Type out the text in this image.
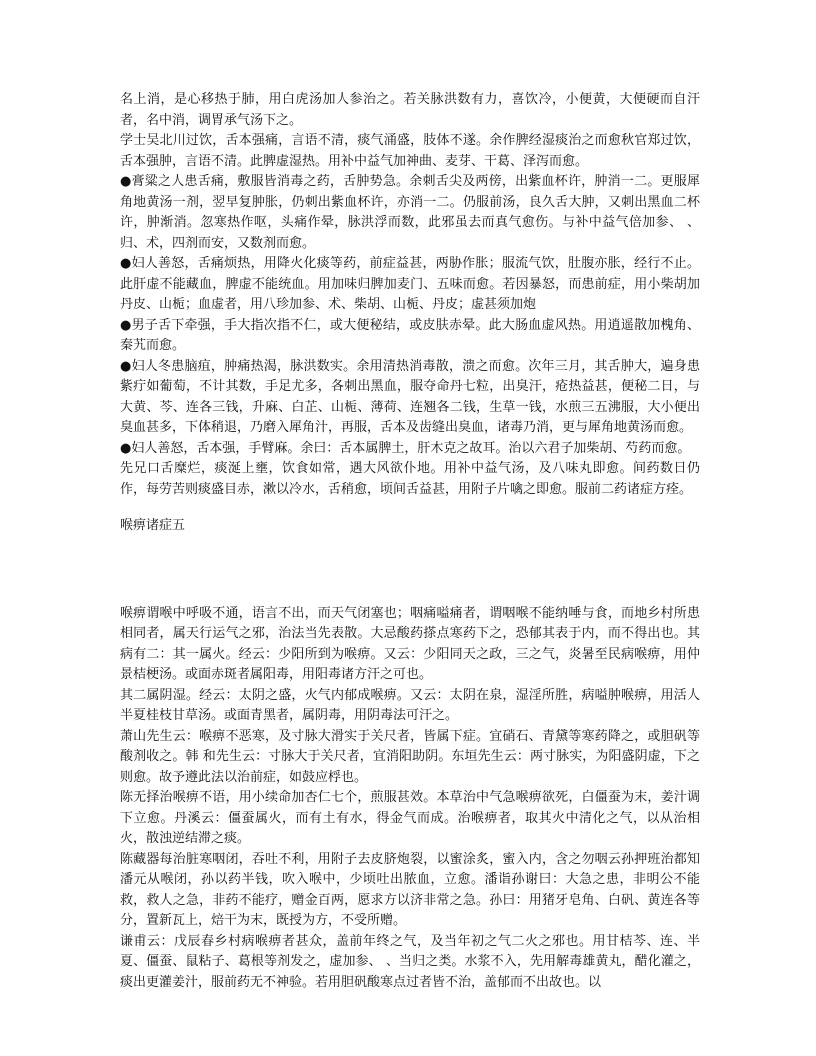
名上消，是心移热于肺，用白虎汤加人参治之。若关脉洪数有力，喜饮冷，小便黄，大便硬而自汗者，名中消，调胃承气汤下之。

学士吴北川过饮，舌本强痛，言语不清，痰气涌盛，肢体不遂。余作脾经湿痰治之而愈秋官郑过饮，舌本强肿，言语不清。此脾虚湿热。用补中益气加神曲、麦芽、干葛、泽泻而愈。

●膏粱之人患舌痛，敷服皆消毒之药，舌肿势急。余刺舌尖及两傍，出紫血杯许，肿消一二。更服犀角地黄汤一剂，翌早复肿胀，仍刺出紫血杯许，亦消一二。仍服前汤，良久舌大肿，又刺出黑血二杯许，肿渐消。忽寒热作呕，头痛作晕，脉洪浮而数，此邪虽去而真气愈伤。与补中益气倍加参、 、归、术，四剂而安，又数剂而愈。

●妇人善怒，舌痛烦热，用降火化痰等药，前症益甚，两胁作胀；服流气饮，肚腹亦胀，经行不止。此肝虚不能藏血，脾虚不能统血。用加味归脾加麦门、五味而愈。若因暴怒，而患前症，用小柴胡加丹皮、山栀；血虚者，用八珍加参、术、柴胡、山栀、丹皮；虚甚须加炮

●男子舌下牵强，手大指次指不仁，或大便秘结，或皮肤赤晕。此大肠血虚风热。用逍遥散加槐角、秦艽而愈。

●妇人冬患脑疽，肿痛热渴，脉洪数实。余用清热消毒散，溃之而愈。次年三月，其舌肿大，遍身患紫疔如葡萄，不计其数，手足尤多，各刺出黑血，服夺命丹七粒，出臭汗，疮热益甚，便秘二日，与大黄、芩、连各三钱，升麻、白芷、山栀、薄荷、连翘各二钱，生草一钱，水煎三五沸服，大小便出臭血甚多，下体稍退，乃磨入犀角汁，再服，舌本及齿缝出臭血，诸毒乃消，更与犀角地黄汤而愈。

●妇人善怒，舌本强，手臂麻。余曰：舌本属脾土，肝木克之故耳。治以六君子加柴胡、芍药而愈。

先兄口舌糜烂，痰涎上壅，饮食如常，遇大风欲仆地。用补中益气汤，及八味丸即愈。间药数日仍作，每劳苦则痰盛目赤，漱以冷水，舌稍愈，顷间舌益甚，用附子片噙之即愈。服前二药诸症方痊。

喉痹诸症五

喉痹谓喉中呼吸不通，语言不出，而天气闭塞也；咽痛嗌痛者，谓咽喉不能纳唾与食，而地乡村所患相同者，属天行运气之邪，治法当先表散。大忌酸药搽点寒药下之，恐郁其表于内，而不得出也。其病有二：其一属火。经云：少阳所到为喉痹。又云：少阳同天之政，三之气，炎暑至民病喉痹，用仲景桔梗汤。或面赤斑者属阳毒，用阳毒诸方汗之可也。

其二属阴湿。经云：太阴之盛，火气内郁成喉痹。又云：太阴在泉，湿淫所胜，病嗌肿喉痹，用活人半夏桂枝甘草汤。或面青黑者，属阴毒，用阴毒法可汗之。

萧山先生云：喉痹不恶寒，及寸脉大滑实于关尺者，皆属下症。宜硝石、青黛等寒药降之，或胆矾等酸剂收之。韩 和先生云：寸脉大于关尺者，宜消阳助阴。东垣先生云：两寸脉实，为阳盛阴虚，下之则愈。故予遵此法以治前症，如鼓应桴也。

陈无择治喉痹不语，用小续命加杏仁七个，煎服甚效。本草治中气急喉痹欲死，白僵蚕为末，姜汁调下立愈。丹溪云：僵蚕属火，而有土有水，得金气而成。治喉痹者，取其火中清化之气，以从治相火，散浊逆结滞之痰。

陈藏器每治脏寒咽闭，吞吐不利，用附子去皮脐炮裂，以蜜涂炙，蜜入内，含之勿咽云孙押班治都知潘元从喉闭，孙以药半钱，吹入喉中，少顷吐出脓血，立愈。潘诣孙谢曰：大急之患，非明公不能救，救人之急，非药不能疗，赠金百两，愿求方以济非常之急。孙曰：用猪牙皂角、白矾、黄连各等分，置新瓦上，焙干为末，既授为方，不受所赠。

谦甫云：戊辰春乡村病喉痹者甚众，盖前年终之气，及当年初之气二火之邪也。用甘桔芩、连、半夏、僵蚕、鼠粘子、葛根等剂发之，虚加参、 、当归之类。水浆不入，先用解毒雄黄丸，醋化灌之，痰出更灌姜汁，服前药无不神验。若用胆矾酸寒点过者皆不治，盖郁而不出故也。以
